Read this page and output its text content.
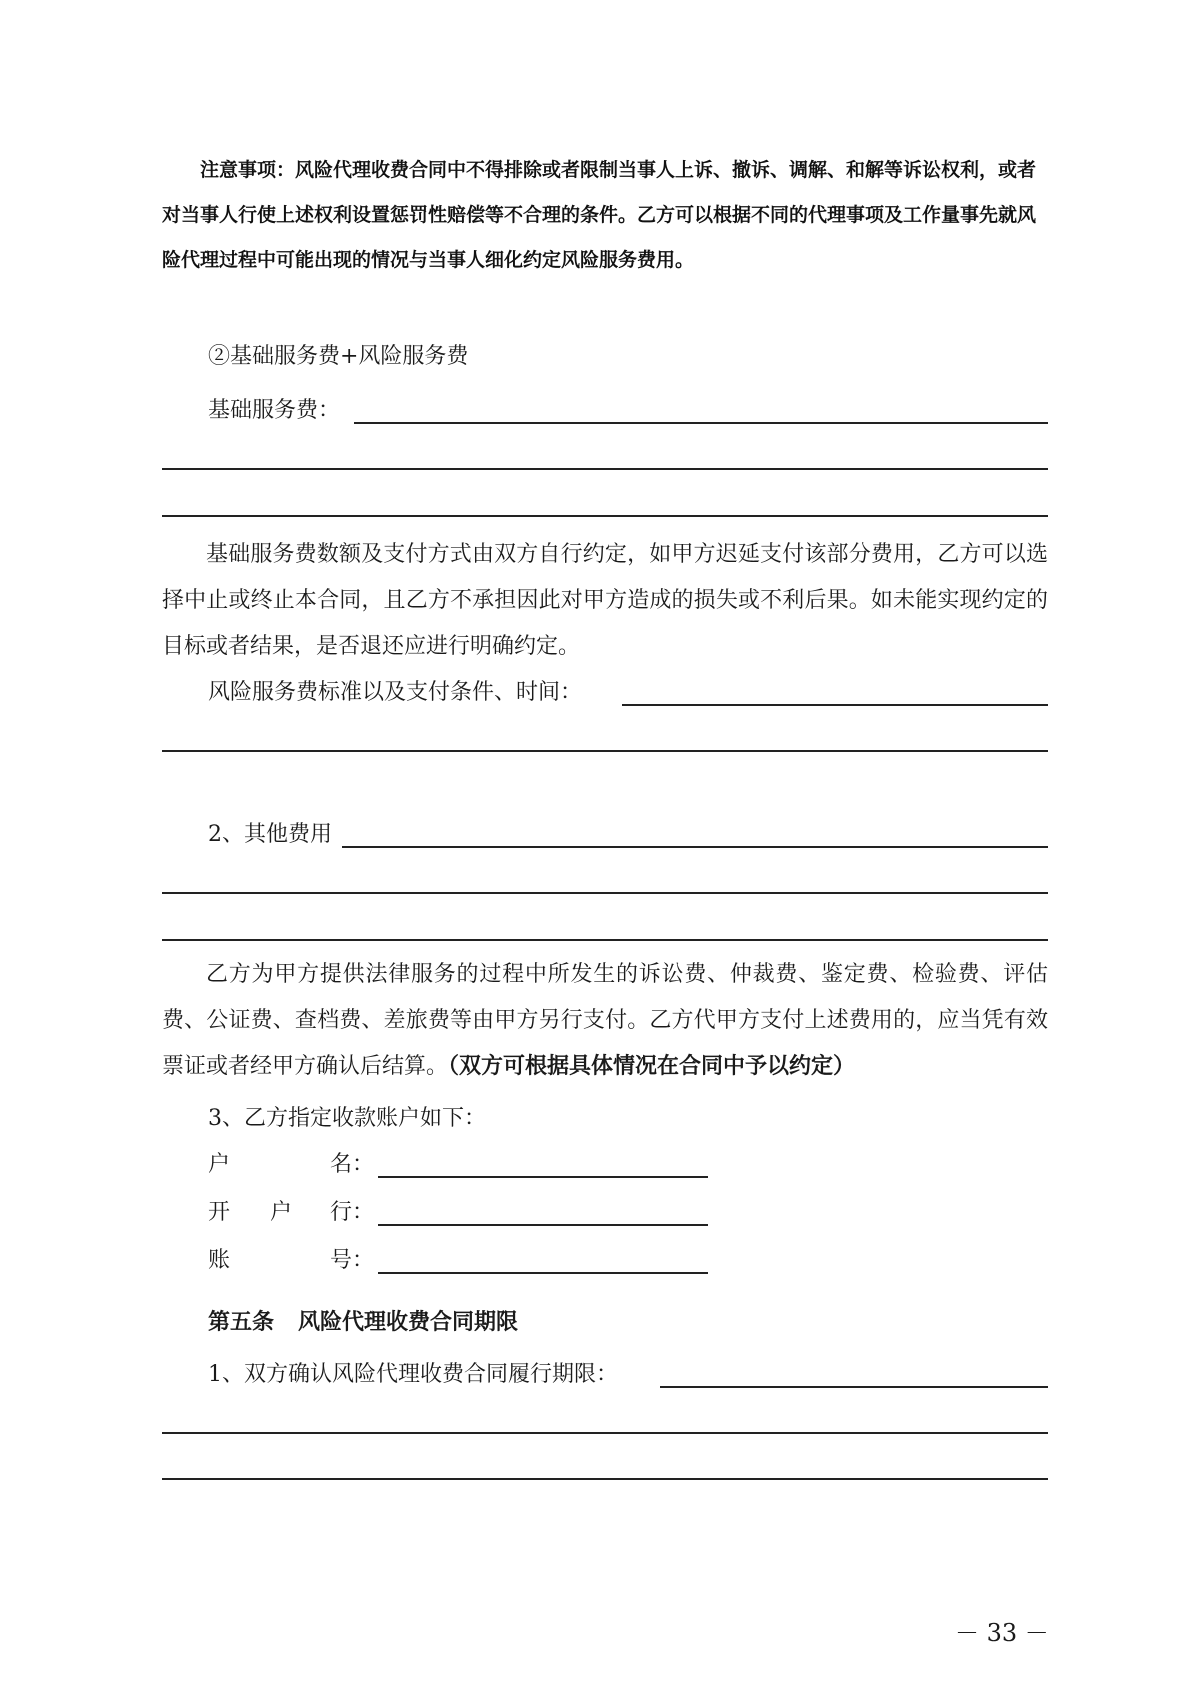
注意事项：风险代理收费合同中不得排除或者限制当事人上诉、撤诉、调解、和解等诉讼权利，或者对当事人行使上述权利设置惩罚性赔偿等不合理的条件。乙方可以根据不同的代理事项及工作量事先就风险代理过程中可能出现的情况与当事人细化约定风险服务费用。
②基础服务费+风险服务费
基础服务费：
基础服务费数额及支付方式由双方自行约定，如甲方迟延支付该部分费用，乙方可以选择中止或终止本合同，且乙方不承担因此对甲方造成的损失或不利后果。如未能实现约定的目标或者结果，是否退还应进行明确约定。
风险服务费标准以及支付条件、时间：
2、其他费用
乙方为甲方提供法律服务的过程中所发生的诉讼费、仲裁费、鉴定费、检验费、评估费、公证费、查档费、差旅费等由甲方另行支付。乙方代甲方支付上述费用的，应当凭有效票证或者经甲方确认后结算。（双方可根据具体情况在合同中予以约定）
3、乙方指定收款账户如下：
户	名：
开 户 行：
账	号：
第五条 风险代理收费合同期限
1、双方确认风险代理收费合同履行期限：
－ 33 －
